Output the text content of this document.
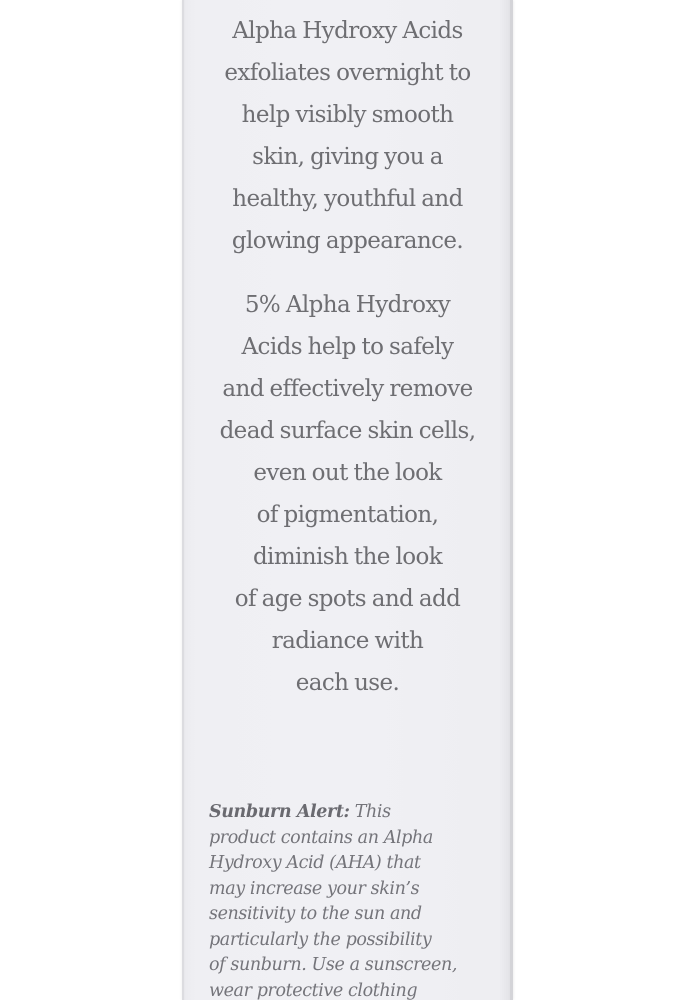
Alpha Hydroxy Acids
exfoliates overnight to
help visibly smooth
skin, giving you a
healthy, youthful and
glowing appearance.
5% Alpha Hydroxy
Acids help to safely
and effectively remove
dead surface skin cells,
even out the look
of pigmentation,
diminish the look
of age spots and add
radiance with
each use.
Sunburn Alert: This
product contains an Alpha
Hydroxy Acid (AHA) that
may increase your skin’s
sensitivity to the sun and
particularly the possibility
of sunburn. Use a sunscreen,
wear protective clothing
